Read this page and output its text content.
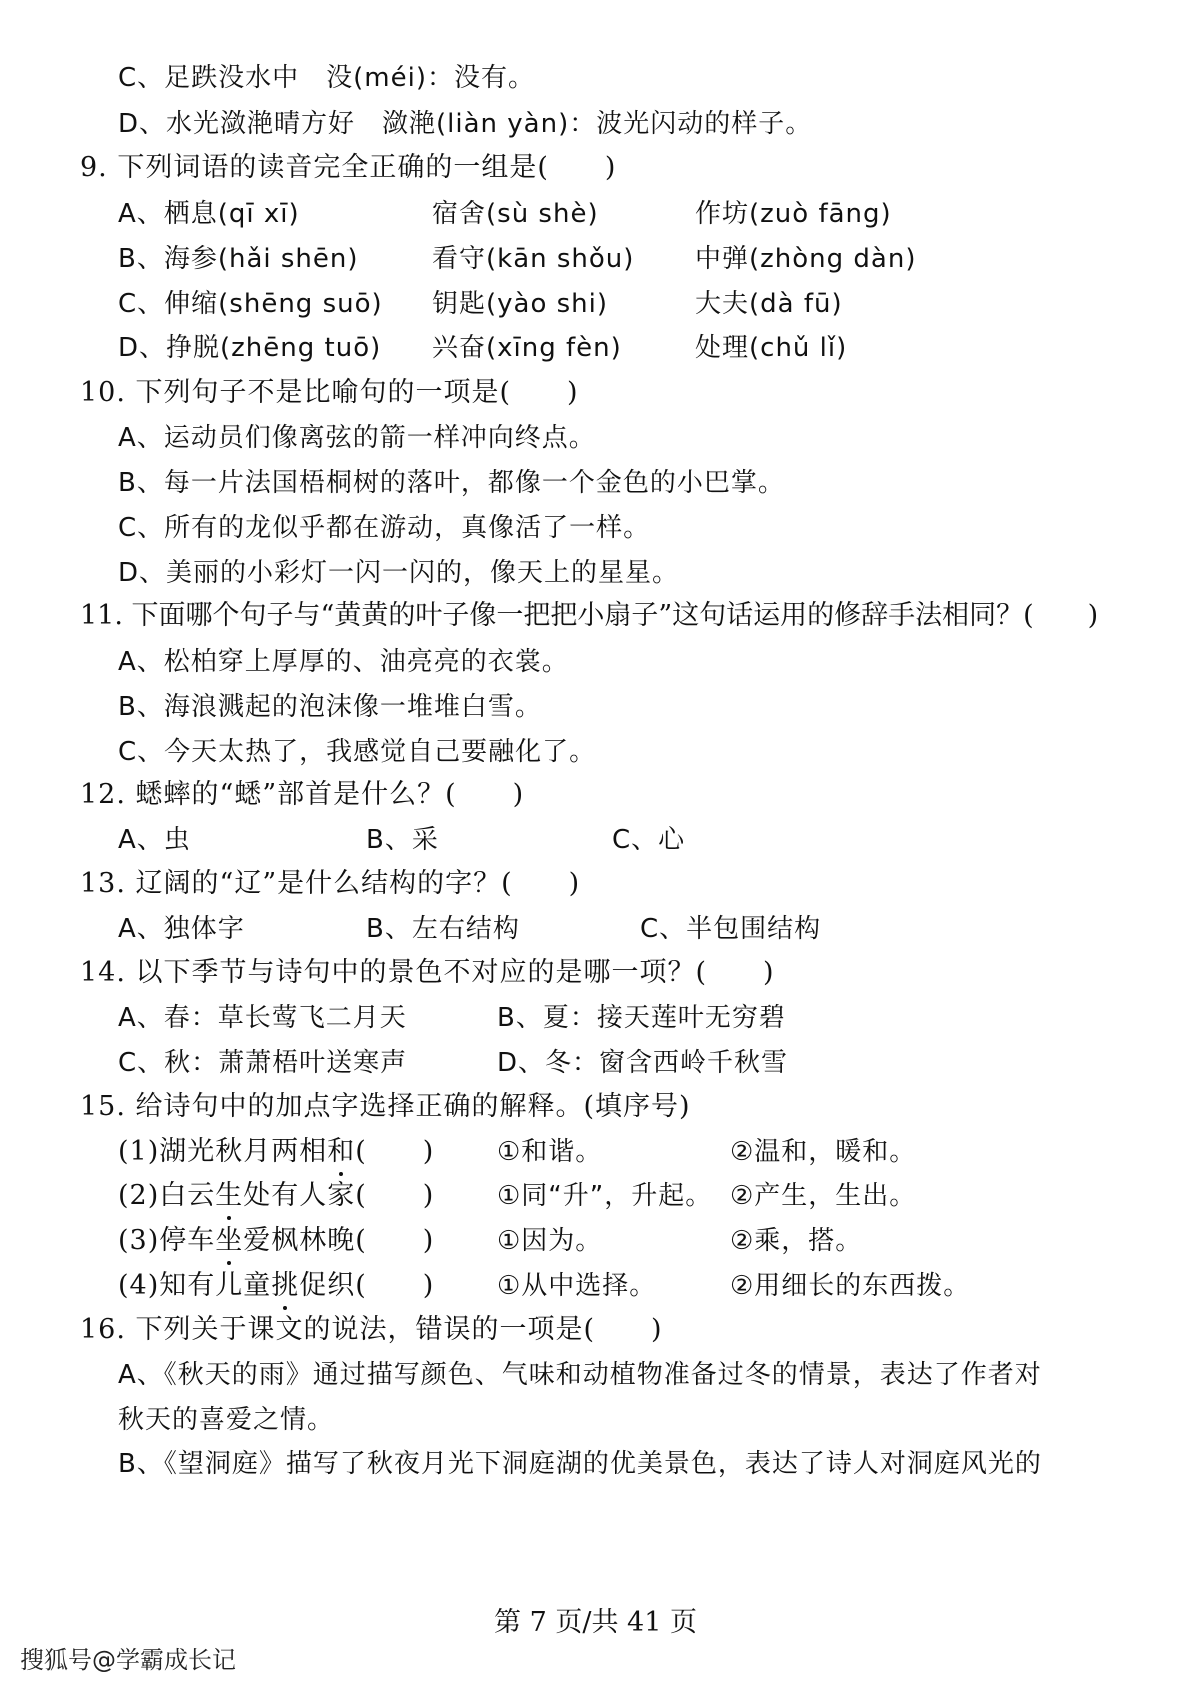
C、足跌没水中　没(méi)：没有。
D、水光潋滟晴方好　潋滟(liàn yàn)：波光闪动的样子。
9. 下列词语的读音完全正确的一组是(　　)
A、栖息(qī xī)	宿舍(sù shè)	作坊(zuò fāng)
B、海参(hǎi shēn)	看守(kān shǒu) 中弹(zhòng dàn)
C、伸缩(shēng suō) 钥匙(yào shi)	大夫(dà fū)
D、挣脱(zhēng tuō) 兴奋(xīng fèn)	处理(chǔ lǐ)
10. 下列句子不是比喻句的一项是(　　)
A、运动员们像离弦的箭一样冲向终点。
B、每一片法国梧桐树的落叶，都像一个金色的小巴掌。
C、所有的龙似乎都在游动，真像活了一样。
D、美丽的小彩灯一闪一闪的，像天上的星星。
11. 下面哪个句子与“黄黄的叶子像一把把小扇子”这句话运用的修辞手法相同？(　　)
A、松柏穿上厚厚的、油亮亮的衣裳。
B、海浪溅起的泡沫像一堆堆白雪。
C、今天太热了，我感觉自己要融化了。
12. 蟋蟀的“蟋”部首是什么？(　　)
A、虫	B、采	C、心
13. 辽阔的“辽”是什么结构的字？(　　)
A、独体字	B、左右结构	C、半包围结构
14. 以下季节与诗句中的景色不对应的是哪一项？(　　)
A、春：草长莺飞二月天	B、夏：接天莲叶无穷碧
C、秋：萧萧梧叶送寒声	D、冬：窗含西岭千秋雪
15. 给诗句中的加点字选择正确的解释。(填序号)
(1)湖光秋月两相和(　　) ①和谐。	②温和，暖和。
(2)白云生处有人家(　　) ①同“升”，升起。 ②产生，生出。
(3)停车坐爱枫林晚(　　) ①因为。	②乘，搭。
(4)知有儿童挑促织(　　) ①从中选择。	②用细长的东西拨。
16. 下列关于课文的说法，错误的一项是(　　)
A、《秋天的雨》通过描写颜色、气味和动植物准备过冬的情景，表达了作者对
秋天的喜爱之情。
B、《望洞庭》描写了秋夜月光下洞庭湖的优美景色，表达了诗人对洞庭风光的
第 7 页/共 41 页
搜狐号@学霸成长记
